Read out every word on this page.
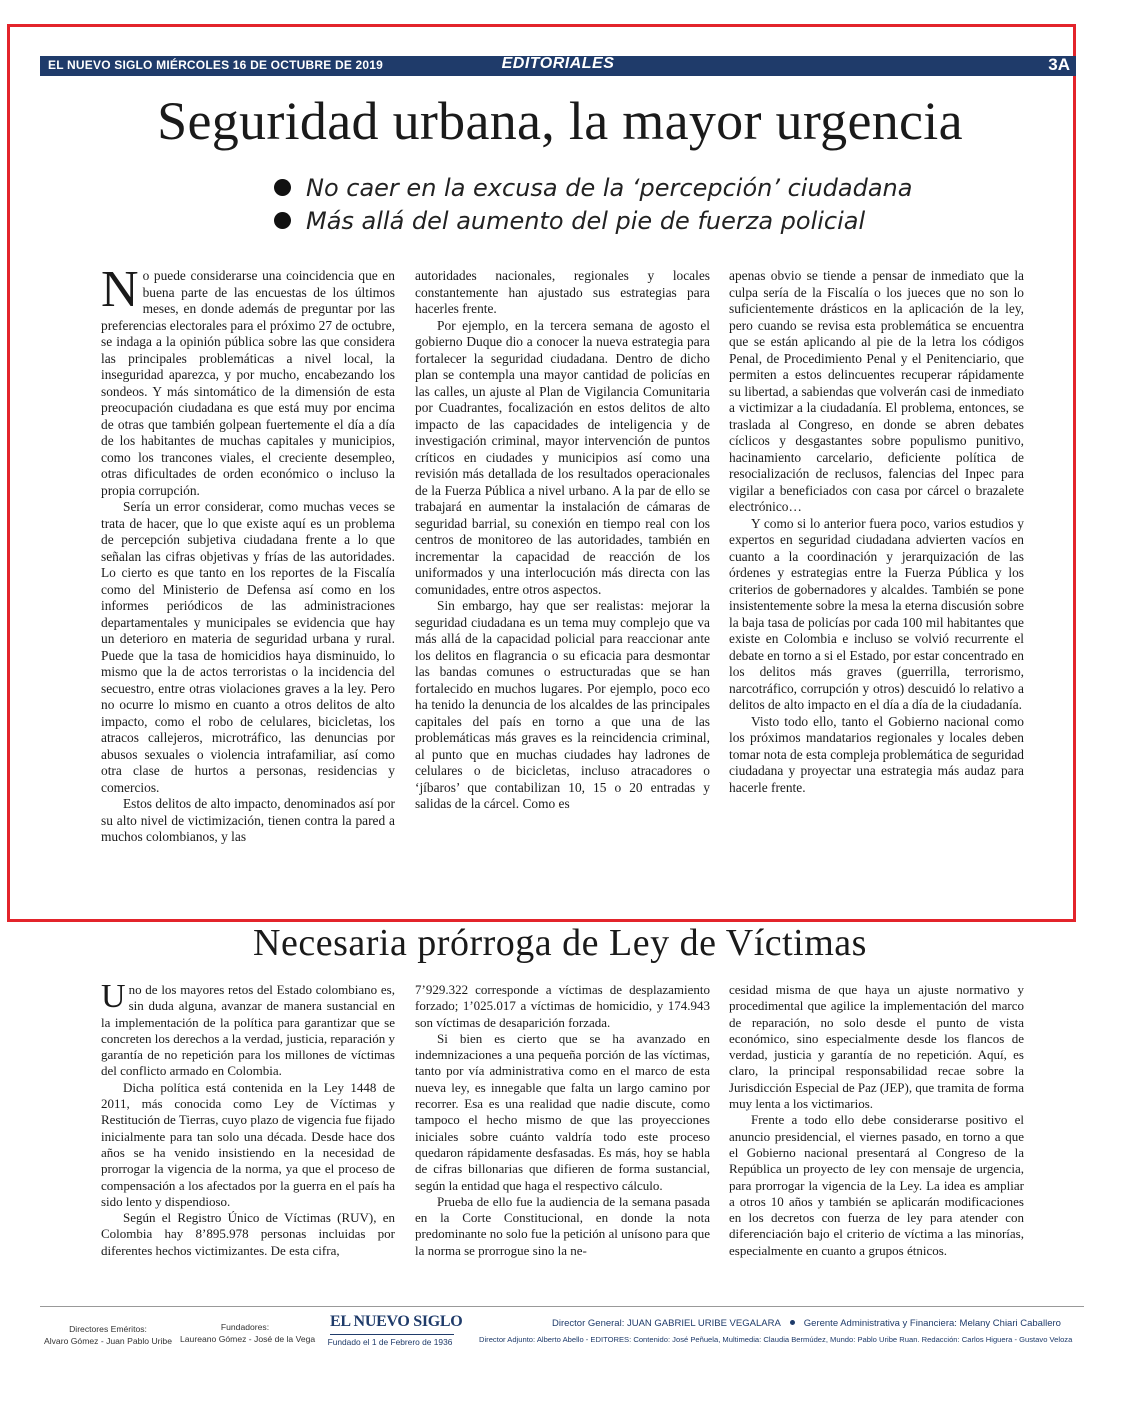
EL NUEVO SIGLO MIÉRCOLES 16 DE OCTUBRE DE 2019	EDITORIALES	3A
Seguridad urbana, la mayor urgencia
No caer en la excusa de la ‘percepción’ ciudadana
Más allá del aumento del pie de fuerza policial

No puede considerarse una coincidencia que en buena parte de las encuestas de los últimos meses, en donde además de preguntar por las preferencias electorales para el próximo 27 de octubre, se indaga a la opinión pública sobre las que considera las principales problemáticas a nivel local, la inseguridad aparezca, y por mucho, encabezando los sondeos. Y más sintomático de la dimensión de esta preocupación ciudadana es que está muy por encima de otras que también golpean fuertemente el día a día de los habitantes de muchas capitales y municipios, como los trancones viales, el creciente desempleo, otras dificultades de orden económico o incluso la propia corrupción.

Sería un error considerar, como muchas veces se trata de hacer, que lo que existe aquí es un problema de percepción subjetiva ciudadana frente a lo que señalan las cifras objetivas y frías de las autoridades. Lo cierto es que tanto en los reportes de la Fiscalía como del Ministerio de Defensa así como en los informes periódicos de las administraciones departamentales y municipales se evidencia que hay un deterioro en materia de seguridad urbana y rural. Puede que la tasa de homicidios haya disminuido, lo mismo que la de actos terroristas o la incidencia del secuestro, entre otras violaciones graves a la ley. Pero no ocurre lo mismo en cuanto a otros delitos de alto impacto, como el robo de celulares, bicicletas, los atracos callejeros, microtráfico, las denuncias por abusos sexuales o violencia intrafamiliar, así como otra clase de hurtos a personas, residencias y comercios.

Estos delitos de alto impacto, denominados así por su alto nivel de victimización, tienen contra la pared a muchos colombianos, y las

autoridades nacionales, regionales y locales constantemente han ajustado sus estrategias para hacerles frente.

Por ejemplo, en la tercera semana de agosto el gobierno Duque dio a conocer la nueva estrategia para fortalecer la seguridad ciudadana. Dentro de dicho plan se contempla una mayor cantidad de policías en las calles, un ajuste al Plan de Vigilancia Comunitaria por Cuadrantes, focalización en estos delitos de alto impacto de las capacidades de inteligencia y de investigación criminal, mayor intervención de puntos críticos en ciudades y municipios así como una revisión más detallada de los resultados operacionales de la Fuerza Pública a nivel urbano. A la par de ello se trabajará en aumentar la instalación de cámaras de seguridad barrial, su conexión en tiempo real con los centros de monitoreo de las autoridades, también en incrementar la capacidad de reacción de los uniformados y una interlocución más directa con las comunidades, entre otros aspectos.

Sin embargo, hay que ser realistas: mejorar la seguridad ciudadana es un tema muy complejo que va más allá de la capacidad policial para reaccionar ante los delitos en flagrancia o su eficacia para desmontar las bandas comunes o estructuradas que se han fortalecido en muchos lugares. Por ejemplo, poco eco ha tenido la denuncia de los alcaldes de las principales capitales del país en torno a que una de las problemáticas más graves es la reincidencia criminal, al punto que en muchas ciudades hay ladrones de celulares o de bicicletas, incluso atracadores o ‘jíbaros’ que contabilizan 10, 15 o 20 entradas y salidas de la cárcel. Como es

apenas obvio se tiende a pensar de inmediato que la culpa sería de la Fiscalía o los jueces que no son lo suficientemente drásticos en la aplicación de la ley, pero cuando se revisa esta problemática se encuentra que se están aplicando al pie de la letra los códigos Penal, de Procedimiento Penal y el Penitenciario, que permiten a estos delincuentes recuperar rápidamente su libertad, a sabiendas que volverán casi de inmediato a victimizar a la ciudadanía. El problema, entonces, se traslada al Congreso, en donde se abren debates cíclicos y desgastantes sobre populismo punitivo, hacinamiento carcelario, deficiente política de resocialización de reclusos, falencias del Inpec para vigilar a beneficiados con casa por cárcel o brazalete electrónico…

Y como si lo anterior fuera poco, varios estudios y expertos en seguridad ciudadana advierten vacíos en cuanto a la coordinación y jerarquización de las órdenes y estrategias entre la Fuerza Pública y los criterios de gobernadores y alcaldes. También se pone insistentemente sobre la mesa la eterna discusión sobre la baja tasa de policías por cada 100 mil habitantes que existe en Colombia e incluso se volvió recurrente el debate en torno a si el Estado, por estar concentrado en los delitos más graves (guerrilla, terrorismo, narcotráfico, corrupción y otros) descuidó lo relativo a delitos de alto impacto en el día a día de la ciudadanía.

Visto todo ello, tanto el Gobierno nacional como los próximos mandatarios regionales y locales deben tomar nota de esta compleja problemática de seguridad ciudadana y proyectar una estrategia más audaz para hacerle frente.

Necesaria prórroga de Ley de Víctimas

Uno de los mayores retos del Estado colombiano es, sin duda alguna, avanzar de manera sustancial en la implementación de la política para garantizar que se concreten los derechos a la verdad, justicia, reparación y garantía de no repetición para los millones de víctimas del conflicto armado en Colombia.

Dicha política está contenida en la Ley 1448 de 2011, más conocida como Ley de Víctimas y Restitución de Tierras, cuyo plazo de vigencia fue fijado inicialmente para tan solo una década. Desde hace dos años se ha venido insistiendo en la necesidad de prorrogar la vigencia de la norma, ya que el proceso de compensación a los afectados por la guerra en el país ha sido lento y dispendioso.

Según el Registro Único de Víctimas (RUV), en Colombia hay 8’895.978 personas incluidas por diferentes hechos victimizantes. De esta cifra,

7’929.322 corresponde a víctimas de desplazamiento forzado; 1’025.017 a víctimas de homicidio, y 174.943 son víctimas de desaparición forzada.

Si bien es cierto que se ha avanzado en indemnizaciones a una pequeña porción de las víctimas, tanto por vía administrativa como en el marco de esta nueva ley, es innegable que falta un largo camino por recorrer. Esa es una realidad que nadie discute, como tampoco el hecho mismo de que las proyecciones iniciales sobre cuánto valdría todo este proceso quedaron rápidamente desfasadas. Es más, hoy se habla de cifras billonarias que difieren de forma sustancial, según la entidad que haga el respectivo cálculo.

Prueba de ello fue la audiencia de la semana pasada en la Corte Constitucional, en donde la nota predominante no solo fue la petición al unísono para que la norma se prorrogue sino la ne-

cesidad misma de que haya un ajuste normativo y procedimental que agilice la implementación del marco de reparación, no solo desde el punto de vista económico, sino especialmente desde los flancos de verdad, justicia y garantía de no repetición. Aquí, es claro, la principal responsabilidad recae sobre la Jurisdicción Especial de Paz (JEP), que tramita de forma muy lenta a los victimarios.

Frente a todo ello debe considerarse positivo el anuncio presidencial, el viernes pasado, en torno a que el Gobierno nacional presentará al Congreso de la República un proyecto de ley con mensaje de urgencia, para prorrogar la vigencia de la Ley. La idea es ampliar a otros 10 años y también se aplicarán modificaciones en los decretos con fuerza de ley para atender con diferenciación bajo el criterio de víctima a las minorías, especialmente en cuanto a grupos étnicos.

Directores Eméritos:
Alvaro Gómez - Juan Pablo Uribe
Fundadores:
Laureano Gómez - José de la Vega
EL NUEVO SIGLO
Fundado el 1 de Febrero de 1936
Director General: JUAN GABRIEL URIBE VEGALARA Gerente Administrativa y Financiera: Melany Chiari Caballero
Director Adjunto: Alberto Abello - EDITORES: Contenido: José Peñuela, Multimedia: Claudia Bermúdez, Mundo: Pablo Uribe Ruan. Redacción: Carlos Higuera - Gustavo Veloza
